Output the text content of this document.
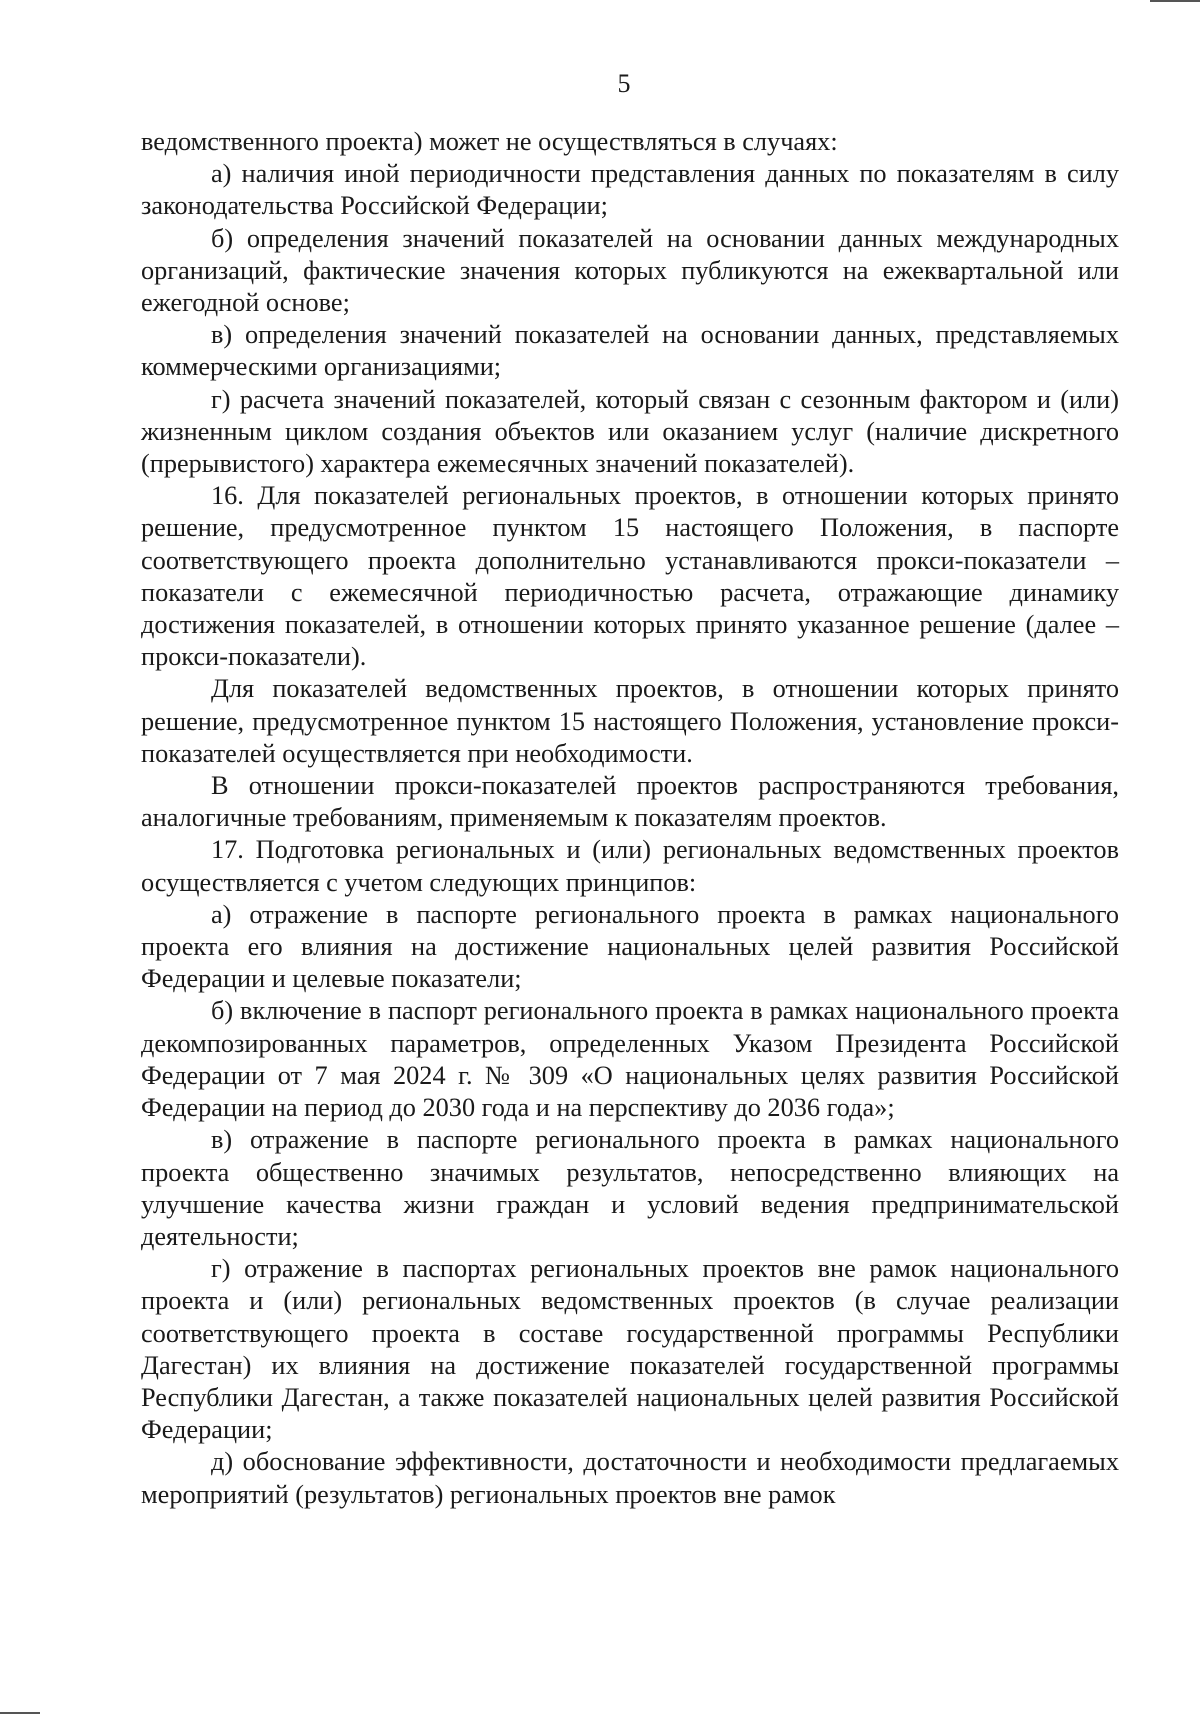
5

ведомственного проекта) может не осуществляться в случаях:

а) наличия иной периодичности представления данных по показателям в силу законодательства Российской Федерации;

б) определения значений показателей на основании данных международных организаций, фактические значения которых публикуются на ежеквартальной или ежегодной основе;

в) определения значений показателей на основании данных, представляемых коммерческими организациями;

г) расчета значений показателей, который связан с сезонным фактором и (или) жизненным циклом создания объектов или оказанием услуг (наличие дискретного (прерывистого) характера ежемесячных значений показателей).

16. Для показателей региональных проектов, в отношении которых принято решение, предусмотренное пунктом 15 настоящего Положения, в паспорте соответствующего проекта дополнительно устанавливаются прокси-показатели – показатели с ежемесячной периодичностью расчета, отражающие динамику достижения показателей, в отношении которых принято указанное решение (далее – прокси-показатели).

Для показателей ведомственных проектов, в отношении которых принято решение, предусмотренное пунктом 15 настоящего Положения, установление прокси-показателей осуществляется при необходимости.

В отношении прокси-показателей проектов распространяются требования, аналогичные требованиям, применяемым к показателям проектов.

17. Подготовка региональных и (или) региональных ведомственных проектов осуществляется с учетом следующих принципов:

а) отражение в паспорте регионального проекта в рамках национального проекта его влияния на достижение национальных целей развития Российской Федерации и целевые показатели;

б) включение в паспорт регионального проекта в рамках национального проекта декомпозированных параметров, определенных Указом Президента Российской Федерации от 7 мая 2024 г. № 309 «О национальных целях развития Российской Федерации на период до 2030 года и на перспективу до 2036 года»;

в) отражение в паспорте регионального проекта в рамках национального проекта общественно значимых результатов, непосредственно влияющих на улучшение качества жизни граждан и условий ведения предпринимательской деятельности;

г) отражение в паспортах региональных проектов вне рамок национального проекта и (или) региональных ведомственных проектов (в случае реализации соответствующего проекта в составе государственной программы Республики Дагестан) их влияния на достижение показателей государственной программы Республики Дагестан, а также показателей национальных целей развития Российской Федерации;

д) обоснование эффективности, достаточности и необходимости предлагаемых мероприятий (результатов) региональных проектов вне рамок
